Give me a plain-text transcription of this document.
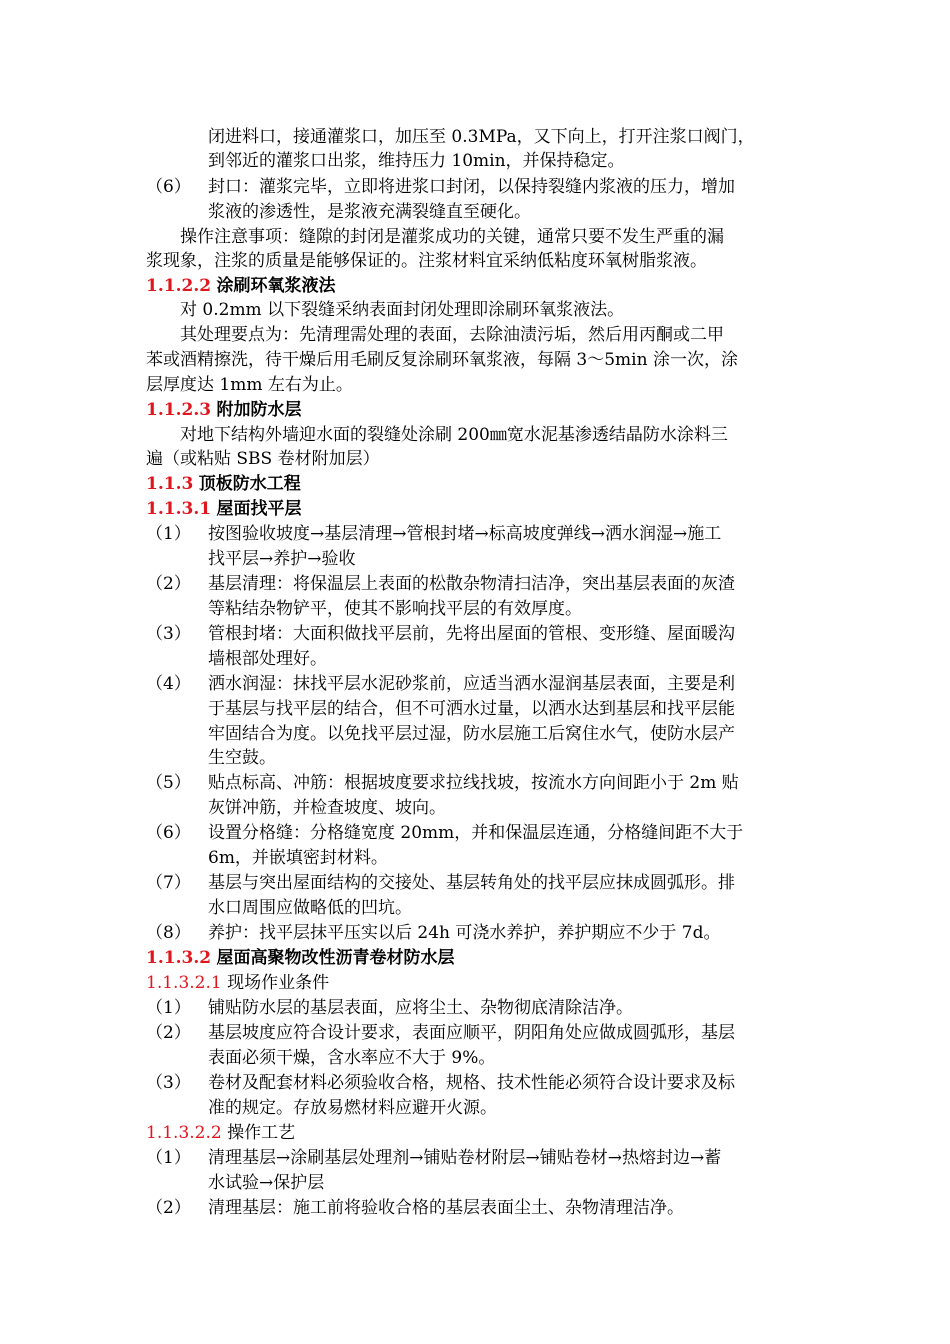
闭进料口，接通灌浆口，加压至 0.3MPa，又下向上，打开注浆口阀门，
到邻近的灌浆口出浆，维持压力 10min，并保持稳定。
（6） 封口：灌浆完毕，立即将进浆口封闭，以保持裂缝内浆液的压力，增加
浆液的渗透性，是浆液充满裂缝直至硬化。
操作注意事项：缝隙的封闭是灌浆成功的关键，通常只要不发生严重的漏
浆现象，注浆的质量是能够保证的。注浆材料宜采纳低粘度环氧树脂浆液。
1.1.2.2 涂刷环氧浆液法
对 0.2mm 以下裂缝采纳表面封闭处理即涂刷环氧浆液法。
其处理要点为：先清理需处理的表面，去除油渍污垢，然后用丙酮或二甲
苯或酒精擦洗，待干燥后用毛刷反复涂刷环氧浆液，每隔 3～5min 涂一次，涂
层厚度达 1mm 左右为止。
1.1.2.3 附加防水层
对地下结构外墙迎水面的裂缝处涂刷 200㎜宽水泥基渗透结晶防水涂料三
遍（或粘贴 SBS 卷材附加层）
1.1.3 顶板防水工程
1.1.3.1 屋面找平层
（1） 按图验收坡度→基层清理→管根封堵→标高坡度弹线→洒水润湿→施工
找平层→养护→验收
（2） 基层清理：将保温层上表面的松散杂物清扫洁净，突出基层表面的灰渣
等粘结杂物铲平，使其不影响找平层的有效厚度。
（3） 管根封堵：大面积做找平层前，先将出屋面的管根、变形缝、屋面暖沟
墙根部处理好。
（4） 洒水润湿：抹找平层水泥砂浆前，应适当洒水湿润基层表面，主要是利
于基层与找平层的结合，但不可洒水过量，以洒水达到基层和找平层能
牢固结合为度。以免找平层过湿，防水层施工后窝住水气，使防水层产
生空鼓。
（5） 贴点标高、冲筋：根据坡度要求拉线找坡，按流水方向间距小于 2m 贴
灰饼冲筋，并检查坡度、坡向。
（6） 设置分格缝：分格缝宽度 20mm，并和保温层连通，分格缝间距不大于
6m，并嵌填密封材料。
（7） 基层与突出屋面结构的交接处、基层转角处的找平层应抹成圆弧形。排
水口周围应做略低的凹坑。
（8） 养护：找平层抹平压实以后 24h 可浇水养护，养护期应不少于 7d。
1.1.3.2 屋面高聚物改性沥青卷材防水层
1.1.3.2.1 现场作业条件
（1） 铺贴防水层的基层表面，应将尘土、杂物彻底清除洁净。
（2） 基层坡度应符合设计要求，表面应顺平，阴阳角处应做成圆弧形，基层
表面必须干燥，含水率应不大于 9%。
（3） 卷材及配套材料必须验收合格，规格、技术性能必须符合设计要求及标
准的规定。存放易燃材料应避开火源。
1.1.3.2.2 操作工艺
（1） 清理基层→涂刷基层处理剂→铺贴卷材附层→铺贴卷材→热熔封边→蓄
水试验→保护层
（2） 清理基层：施工前将验收合格的基层表面尘土、杂物清理洁净。
